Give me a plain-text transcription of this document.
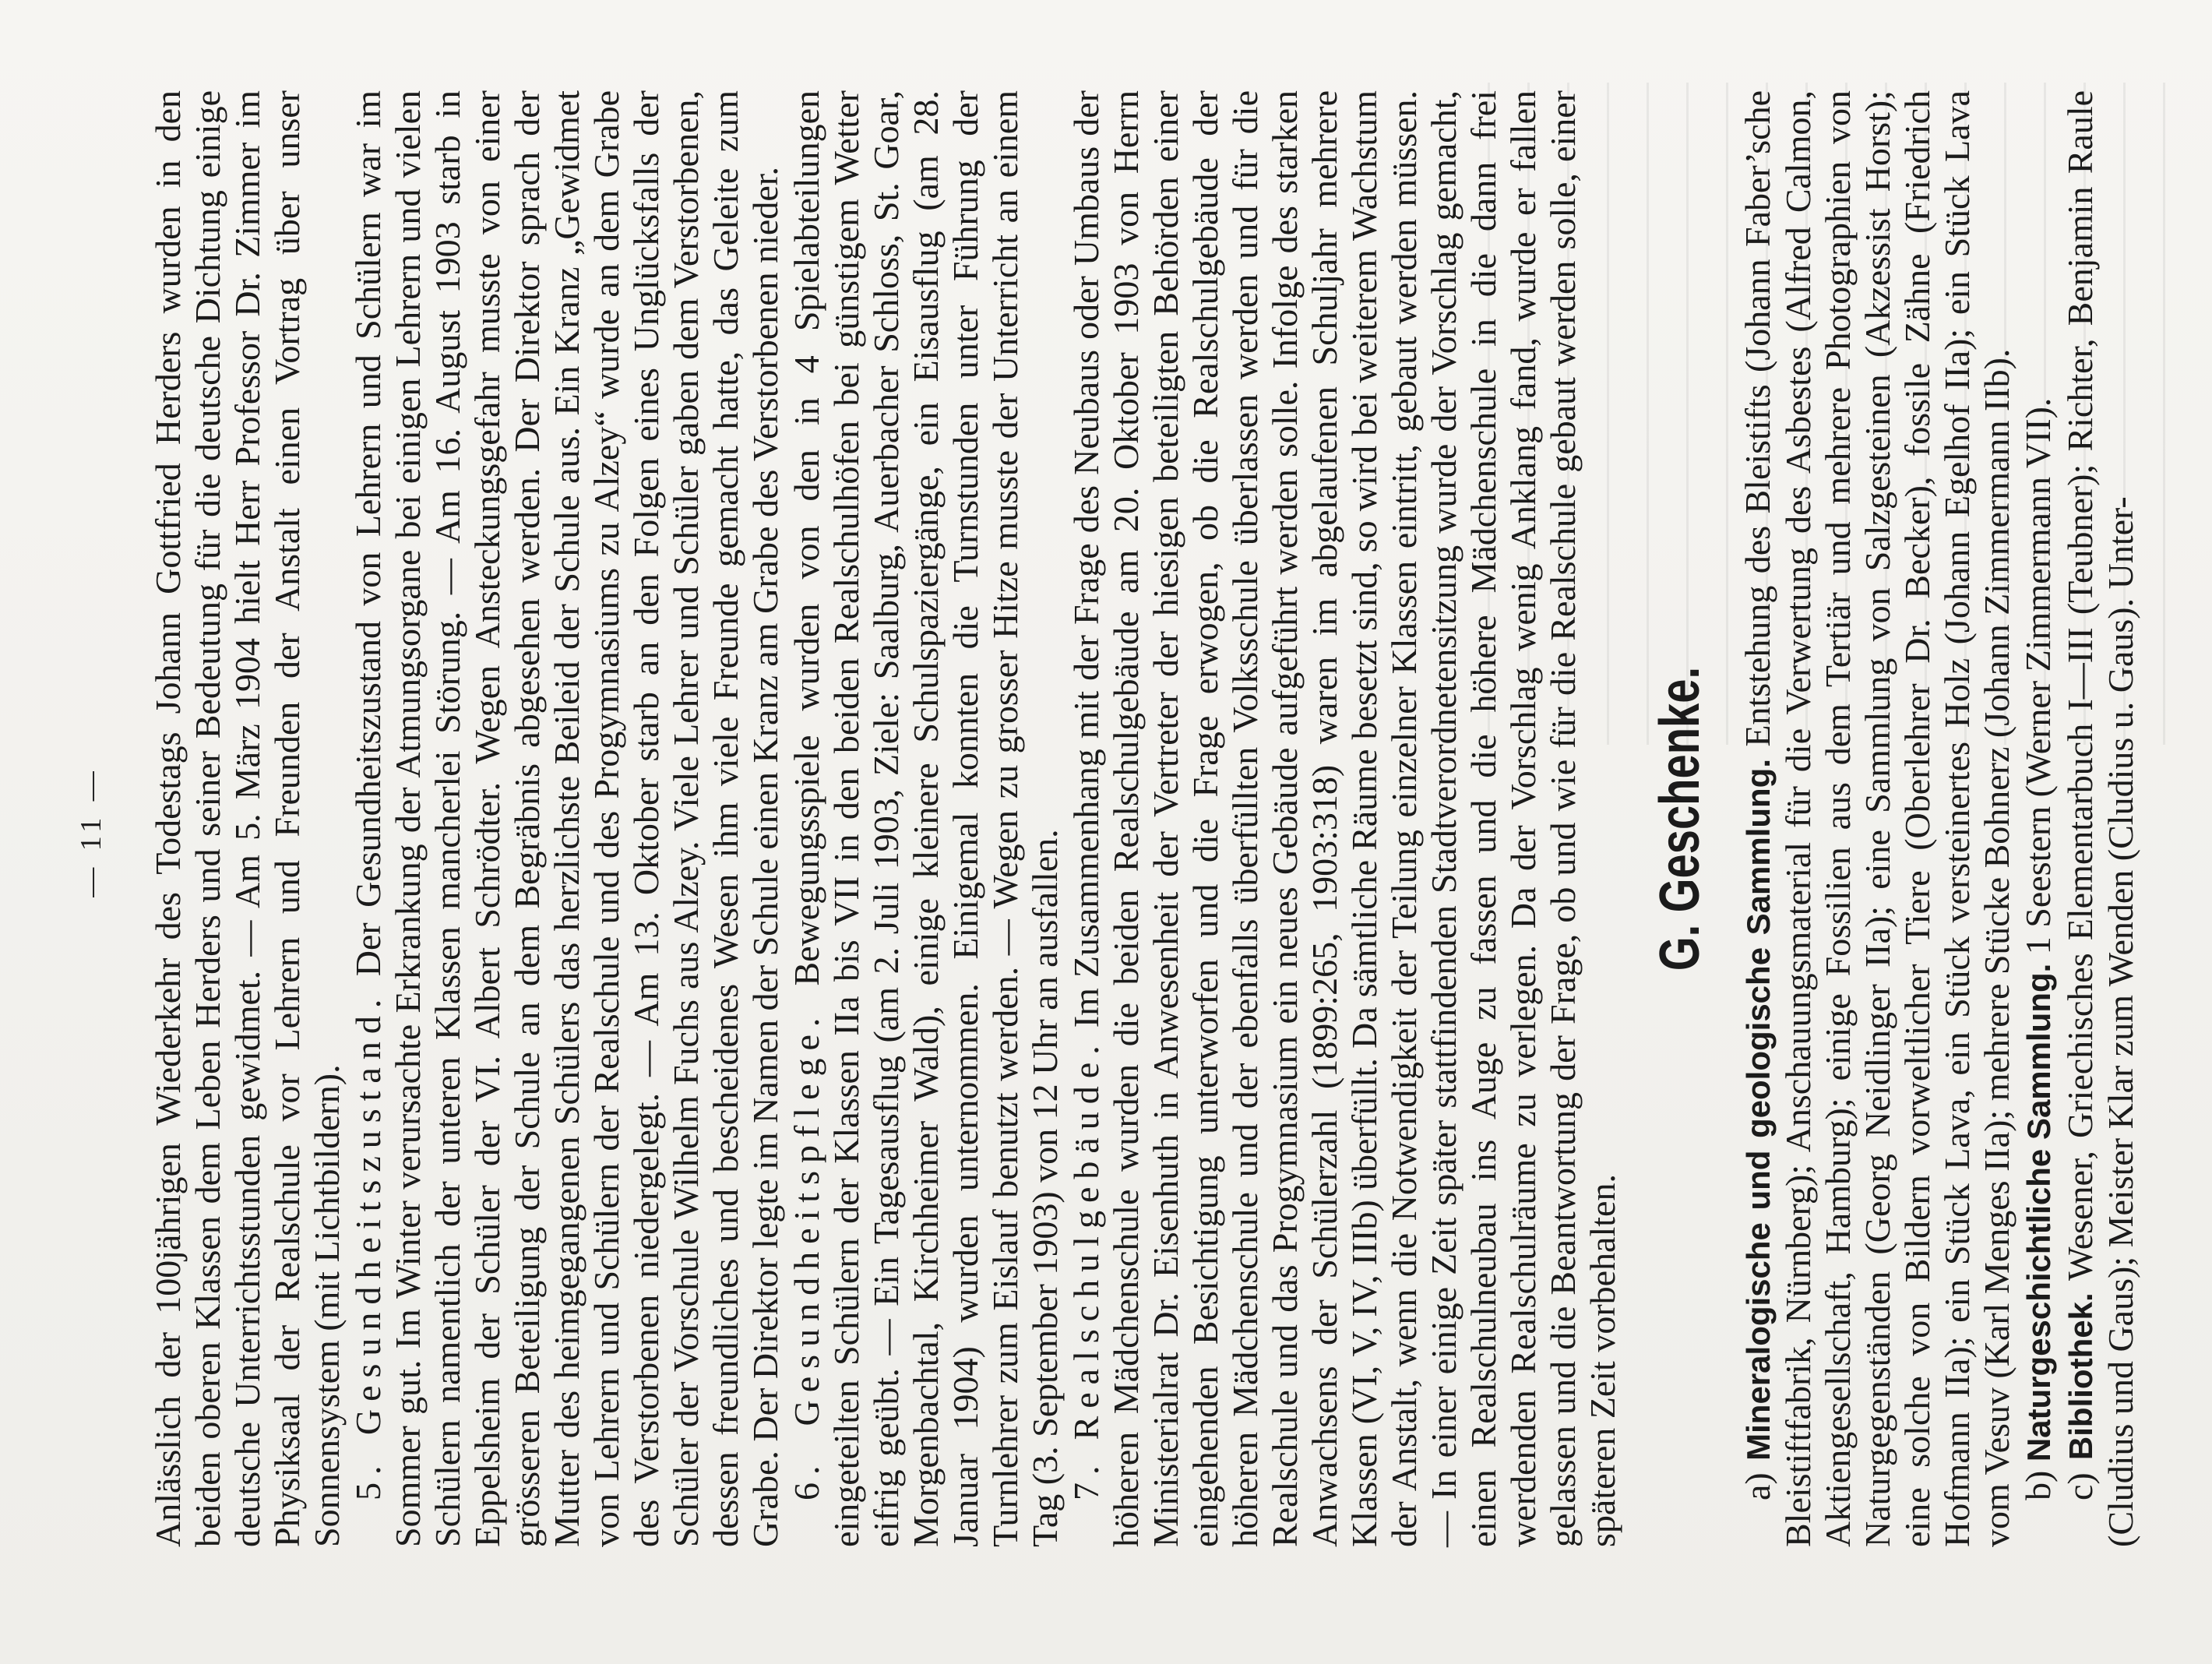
— 11 — Anlässlich der 100jährigen Wiederkehr des Todestags Johann Gottfried Herders wurden in den beiden oberen Klassen dem Leben Herders und seiner Bedeutung für die deutsche Dichtung einige deutsche Unterrichtsstunden gewidmet. — Am 5. März 1904 hielt Herr Professor Dr. Zimmer im Physiksaal der Realschule vor Lehrern und Freunden der Anstalt einen Vortrag über unser Sonnensystem (mit Lichtbildern). 5. Gesundheitszustand. Der Gesundheitszustand von Lehrern und Schülern war im Sommer gut. Im Winter verursachte Erkrankung der Atmungsorgane bei einigen Lehrern und vielen Schülern namentlich der unteren Klassen mancherlei Störung. — Am 16. August 1903 starb in Eppelsheim der Schüler der VI. Albert Schrödter. Wegen Ansteckungsgefahr musste von einer grösseren Beteiligung der Schule an dem Begräbnis abgesehen werden. Der Direktor sprach der Mutter des heimgegangenen Schülers das herzlichste Beileid der Schule aus. Ein Kranz „Gewidmet von Lehrern und Schülern der Realschule und des Progymnasiums zu Alzey“ wurde an dem Grabe des Verstorbenen niedergelegt. — Am 13. Oktober starb an den Folgen eines Unglücksfalls der Schüler der Vorschule Wilhelm Fuchs aus Alzey. Viele Lehrer und Schüler gaben dem Verstorbenen, dessen freundliches und bescheidenes Wesen ihm viele Freunde gemacht hatte, das Geleite zum Grabe. Der Direktor legte im Namen der Schule einen Kranz am Grabe des Verstorbenen nieder. 6. Gesundheitspflege. Bewegungsspiele wurden von den in 4 Spielabteilungen eingeteilten Schülern der Klassen IIa bis VII in den beiden Realschulhöfen bei günstigem Wetter eifrig geübt. — Ein Tagesausflug (am 2. Juli 1903, Ziele: Saalburg, Auerbacher Schloss, St. Goar, Morgenbachtal, Kirchheimer Wald), einige kleinere Schulspaziergänge, ein Eisausflug (am 28. Januar 1904) wurden unternommen. Einigemal konnten die Turnstunden unter Führung der Turnlehrer zum Eislauf benutzt werden. — Wegen zu grosser Hitze musste der Unterricht an einem Tag (3. September 1903) von 12 Uhr an ausfallen. 7. Realschulgebäude. Im Zusammenhang mit der Frage des Neubaus oder Umbaus der höheren Mädchenschule wurden die beiden Realschulgebäude am 20. Oktober 1903 von Herrn Ministerialrat Dr. Eisenhuth in Anwesenheit der Vertreter der hiesigen beteiligten Behörden einer eingehenden Besichtigung unterworfen und die Frage erwogen, ob die Realschulgebäude der höheren Mädchenschule und der ebenfalls überfüllten Volksschule überlassen werden und für die Realschule und das Progymnasium ein neues Gebäude aufgeführt werden solle. Infolge des starken Anwachsens der Schülerzahl (1899:265, 1903:318) waren im abgelaufenen Schuljahr mehrere Klassen (VI, V, IV, IIIb) überfüllt. Da sämtliche Räume besetzt sind, so wird bei weiterem Wachstum der Anstalt, wenn die Notwendigkeit der Teilung einzelner Klassen eintritt, gebaut werden müssen. — In einer einige Zeit später stattfindenden Stadtverordnetensitzung wurde der Vorschlag gemacht, einen Realschulneubau ins Auge zu fassen und die höhere Mädchenschule in die dann frei werdenden Realschulräume zu verlegen. Da der Vorschlag wenig Anklang fand, wurde er fallen gelassen und die Beantwortung der Frage, ob und wie für die Realschule gebaut werden solle, einer späteren Zeit vorbehalten.

G. Geschenke.

a) Mineralogische und geologische Sammlung. Entstehung des Bleistifts (Johann Faber’sche Bleistiftfabrik, Nürnberg); Anschauungsmaterial für die Verwertung des Asbestes (Alfred Calmon, Aktiengesellschaft, Hamburg); einige Fossilien aus dem Tertiär und mehrere Photographien von Naturgegenständen (Georg Neidlinger IIa); eine Sammlung von Salzgesteinen (Akzessist Horst); eine solche von Bildern vorweltlicher Tiere (Oberlehrer Dr. Becker), fossile Zähne (Friedrich Hofmann IIa); ein Stück Lava, ein Stück versteinertes Holz (Johann Egelhof IIa); ein Stück Lava vom Vesuv (Karl Menges IIa); mehrere Stücke Bohnerz (Johann Zimmermann IIb). b) Naturgeschichtliche Sammlung. 1 Seestern (Werner Zimmermann VII).

c) Bibliothek. Wesener, Griechisches Elementarbuch I—III (Teubner); Richter, Benjamin Raule (Cludius und Gaus); Meister Klar zum Wenden (Cludius u. Gaus). Unter-
